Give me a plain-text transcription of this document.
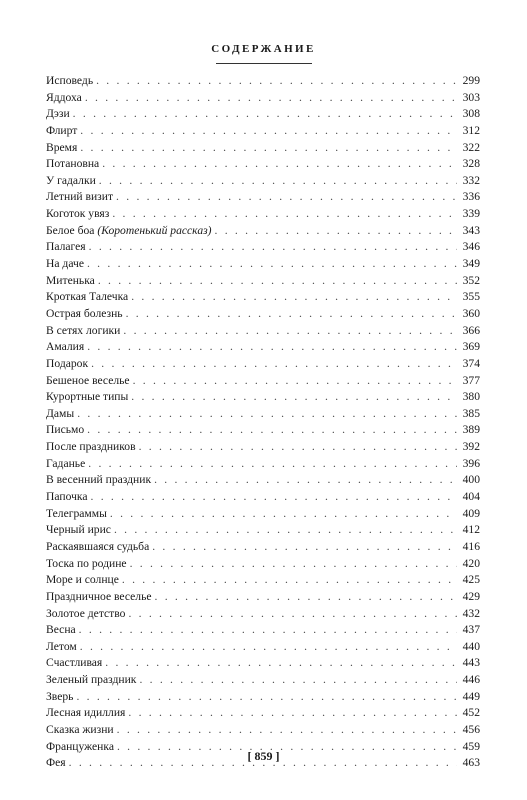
СОДЕРЖАНИЕ
Исповедь . . .	299
Яддоха . . .	303
Дэзи . . .	308
Флирт . . .	312
Время . . .	322
Потановна . . .	328
У гадалки . . .	332
Летний визит . . .	336
Коготок увяз . . .	339
Белое боа (Коротенький рассказ) . . .	343
Палагея . . .	346
На даче . . .	349
Митенька . . .	352
Кроткая Талечка . . .	355
Острая болезнь . . .	360
В сетях логики . . .	366
Амалия . . .	369
Подарок . . .	374
Бешеное веселье . . .	377
Курортные типы . . .	380
Дамы . . .	385
Письмо . . .	389
После праздников . . .	392
Гаданье . . .	396
В весенний праздник . . .	400
Папочка . . .	404
Телеграммы . . .	409
Черный ирис . . .	412
Раскаявшаяся судьба . . .	416
Тоска по родине . . .	420
Море и солнце . . .	425
Праздничное веселье . . .	429
Золотое детство . . .	432
Весна . . .	437
Летом . . .	440
Счастливая . . .	443
Зеленый праздник . . .	446
Зверь . . .	449
Лесная идиллия . . .	452
Сказка жизни . . .	456
Француженка . . .	459
Фея . . .	463
[ 859 ]
